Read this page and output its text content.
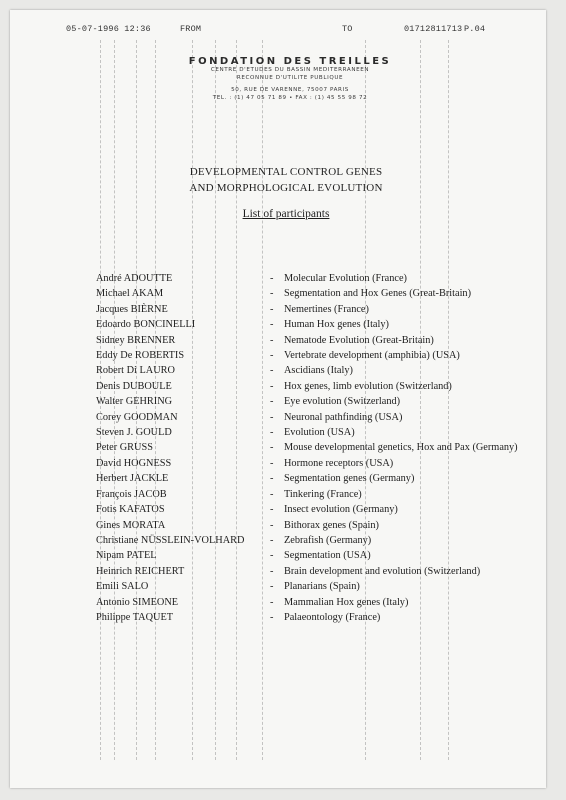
05-07-1996 12:36	FROM	TO	01712811713 P.04
FONDATION DES TREILLES
CENTRE D'ETUDES DU BASSIN MEDITERRANEEN
RECONNUE D'UTILITE PUBLIQUE
50, RUE DE VARENNE, 75007 PARIS
TEL. : (1) 47 05 71 89 • FAX : (1) 45 55 98 72
DEVELOPMENTAL CONTROL GENES
AND MORPHOLOGICAL EVOLUTION
List of participants
André ADOUTTE	- Molecular Evolution (France)
Michael AKAM	- Segmentation and Hox Genes (Great-Britain)
Jacques BIÈRNE	- Nemertines (France)
Edoardo BONCINELLI	- Human Hox genes (Italy)
Sidney BRENNER	- Nematode Evolution (Great-Britain)
Eddy De ROBERTIS	- Vertebrate development (amphibia) (USA)
Robert Di LAURO	- Ascidians (Italy)
Denis DUBOULE	- Hox genes, limb evolution (Switzerland)
Walter GEHRING	- Eye evolution (Switzerland)
Corey GOODMAN	- Neuronal pathfinding (USA)
Steven J. GOULD	- Evolution (USA)
Peter GRUSS	- Mouse developmental genetics, Hox and Pax (Germany)
David HOGNESS	- Hormone receptors (USA)
Herbert JACKLE	- Segmentation genes (Germany)
François JACOB	- Tinkering (France)
Fotis KAFATOS	- Insect evolution (Germany)
Gines MORATA	- Bithorax genes (Spain)
Christiane NÜSSLEIN-VOLHARD - Zebrafish (Germany)
Nipam PATEL	- Segmentation (USA)
Heinrich REICHERT	- Brain development and evolution (Switzerland)
Emili SALO	- Planarians (Spain)
Antonio SIMEONE	- Mammalian Hox genes (Italy)
Philippe TAQUET	- Palaeontology (France)
